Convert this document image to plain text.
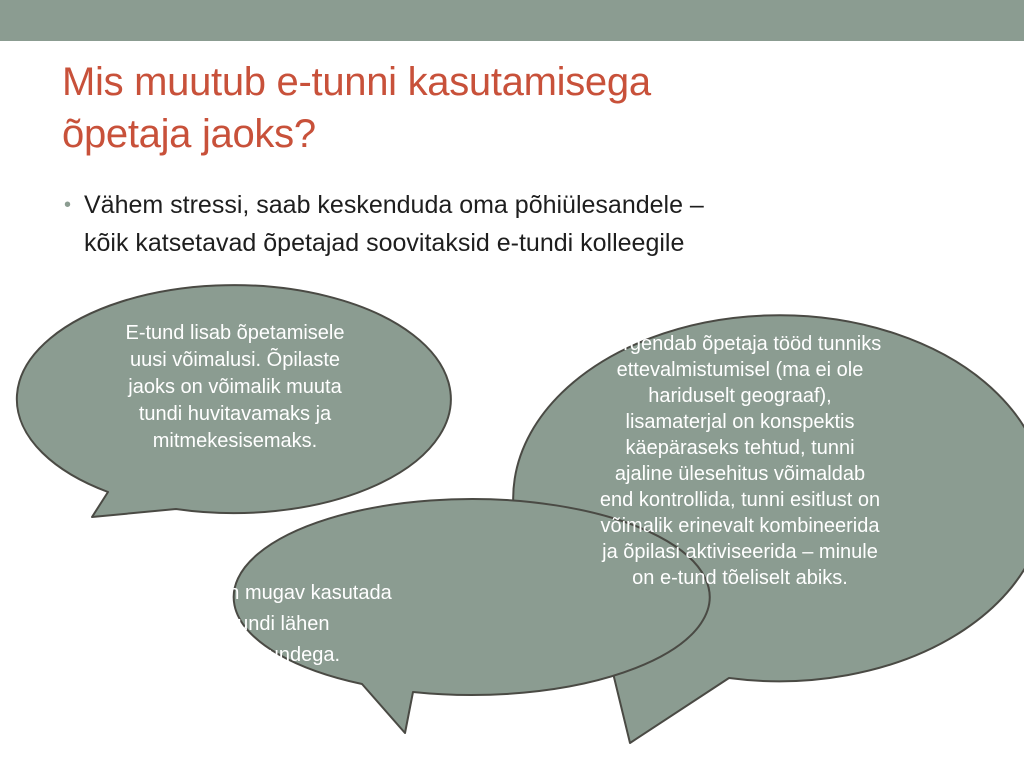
Mis muutub e-tunni kasutamisega
õpetaja jaoks?
• Vähem stressi, saab keskenduda oma põhiülesandele –
kõik katsetavad õpetajad soovitaksid e-tundi kolleegile

E-tund lisab õpetamisele
uusi võimalusi. Õpilaste
jaoks on võimalik muuta
tundi huvitavamaks ja
mitmekesisemaks.

Kergendab õpetaja tööd tunniks
ettevalmistumisel (ma ei ole
hariduselt geograaf),
lisamaterjal on konspektis
käepäraseks tehtud, tunni
ajaline ülesehitus võimaldab
end kontrollida, tunni esitlust on
võimalik erinevalt kombineerida
ja õpilasi aktiviseerida – minule
on e-tund tõeliselt abiks.

E-tundi on mugav kasutada
ja tundi lähen
kindlustundega.
